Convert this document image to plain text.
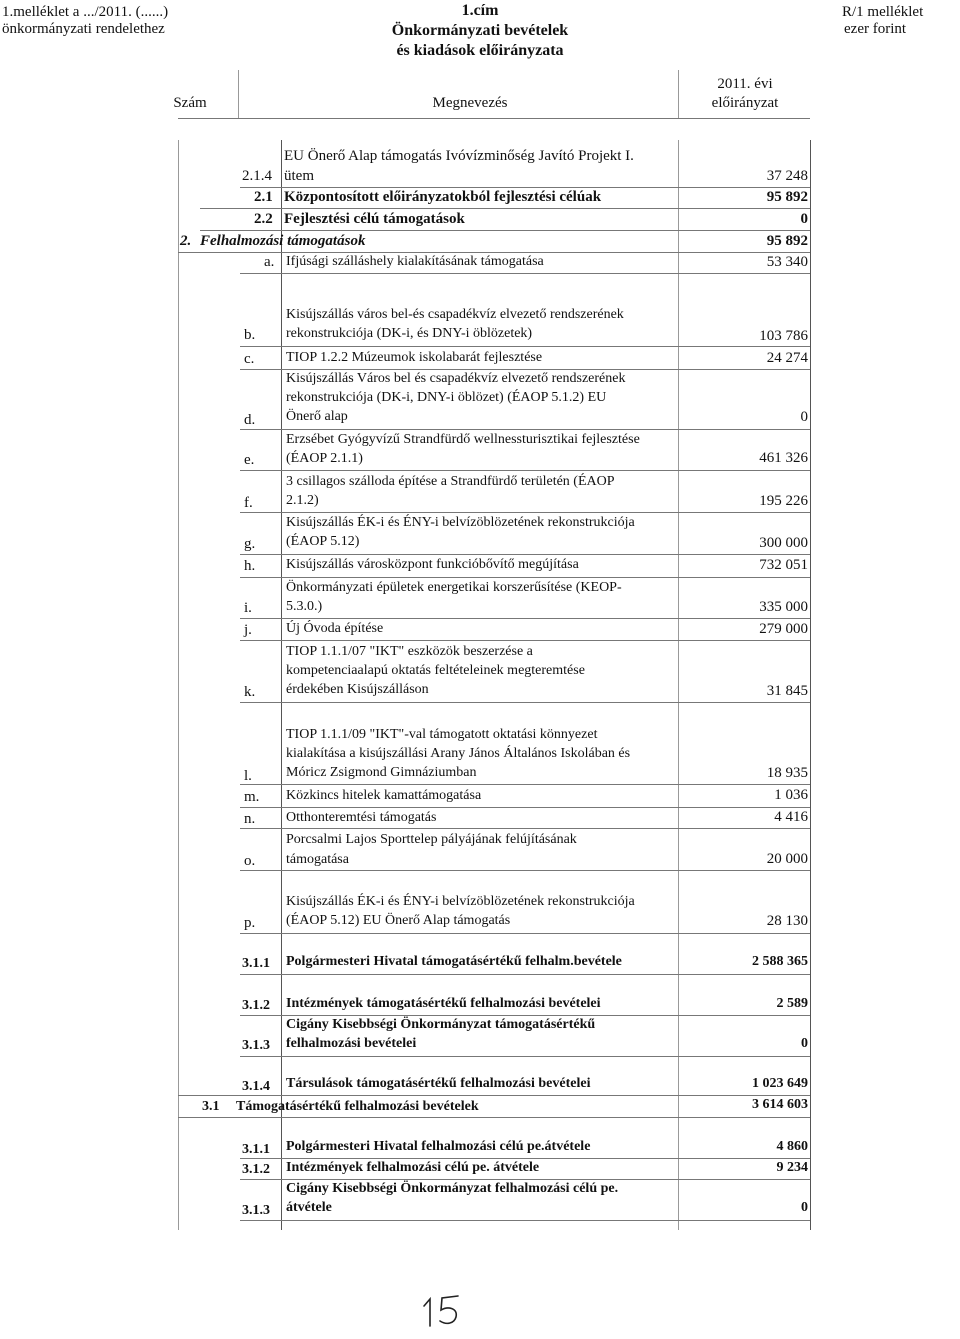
1.melléklet a .../2011. (......)
önkormányzati rendelethez
1.cím
Önkormányzati bevételek
és kiadások előirányzata
R/1 melléklet
ezer forint
Szám	Megnevezés
2011. évi
előirányzat
2.1.4
EU Önerő Alap támogatás Ivóvízminőség Javító Projekt I.
ütem	37 248
2.1 Központosított előirányzatokból fejlesztési célúak	95 892
2.2 Fejlesztési célú támogatások	0
2. Felhalmozási támogatások	95 892
a. Ifjúsági szálláshely kialakításának támogatása	53 340
b.
Kisújszállás város bel-és csapadékvíz elvezető rendszerének
rekonstrukciója (DK-i, és DNY-i öblözetek)	103 786
c. TIOP 1.2.2 Múzeumok iskolabarát fejlesztése	24 274
d.
Kisújszállás Város bel és csapadékvíz elvezető rendszerének
rekonstrukciója (DK-i, DNY-i öblözet) (ÉAOP 5.1.2) EU
Önerő alap	0
e.
Erzsébet Gyógyvízű Strandfürdő wellnessturisztikai fejlesztése
(ÉAOP 2.1.1)	461 326
f.
3 csillagos szálloda építése a Strandfürdő területén (ÉAOP
2.1.2)	195 226
g.
Kisújszállás ÉK-i és ÉNY-i belvízöblözetének rekonstrukciója
(ÉAOP 5.12)	300 000
h. Kisújszállás városközpont funkcióbővítő megújítása	732 051
i.
Önkormányzati épületek energetikai korszerűsítése (KEOP-
5.3.0.)	335 000
j. Új Óvoda építése	279 000
k.
TIOP 1.1.1/07 "IKT" eszközök beszerzése a
kompetenciaalapú oktatás feltételeinek megteremtése
érdekében Kisújszálláson	31 845
l.
TIOP 1.1.1/09 "IKT"-val támogatott oktatási könnyezet
kialakítása a kisújszállási Arany János Általános Iskolában és
Móricz Zsigmond Gimnáziumban	18 935
m. Közkincs hitelek kamattámogatása	1 036
n. Otthonteremtési támogatás	4 416
o.
Porcsalmi Lajos Sporttelep pályájának felújításának
támogatása	20 000
p.
Kisújszállás ÉK-i és ÉNY-i belvízöblözetének rekonstrukciója
(ÉAOP 5.12) EU Önerő Alap támogatás	28 130
3.1.1 Polgármesteri Hivatal támogatásértékű felhalm.bevétele	2 588 365
3.1.2 Intézmények támogatásértékű felhalmozási bevételei	2 589
3.1.3
Cigány Kisebbségi Önkormányzat támogatásértékű
felhalmozási bevételei	0
3.1.4 Társulások támogatásértékű felhalmozási bevételei	1 023 649
3.1 Támogatásértékű felhalmozási bevételek	3 614 603
3.1.1 Polgármesteri Hivatal felhalmozási célú pe.átvétele	4 860
3.1.2 Intézmények felhalmozási célú pe. átvétele	9 234
3.1.3
Cigány Kisebbségi Önkormányzat felhalmozási célú pe.
átvétele	0
